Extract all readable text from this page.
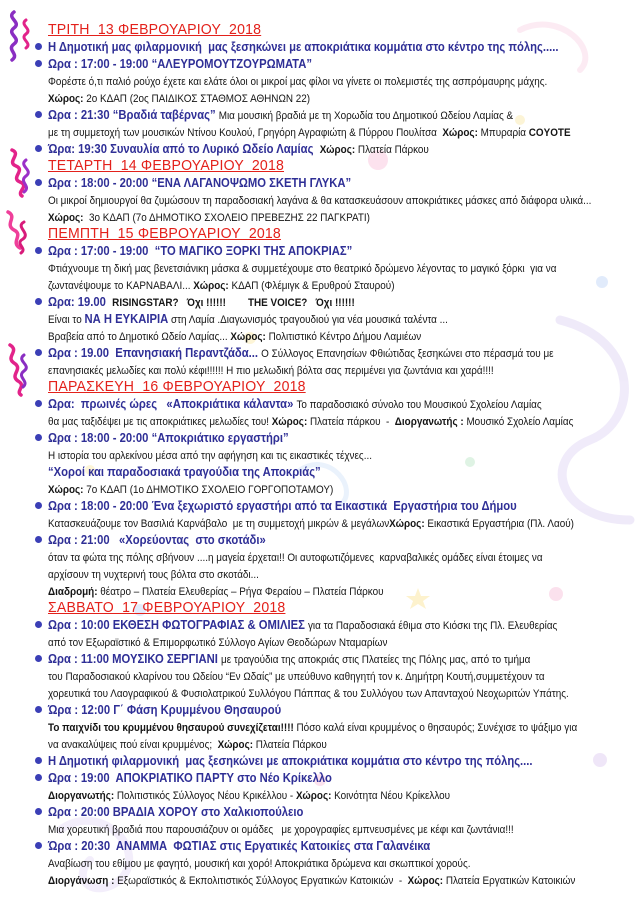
ΤΡΙΤΗ  13 ΦΕΒΡΟΥΑΡΙΟΥ  2018
Η Δημοτική μας φιλαρμονική  μας ξεσηκώνει με αποκριάτικα κομμάτια στο κέντρο της πόλης.....
Ωρα : 17:00 - 19:00 “ΑΛΕΥΡΟΜΟΥΤΖΟΥΡΩΜΑΤΑ”
Φορέστε ό,τι παλιό ρούχο έχετε και ελάτε όλοι οι μικροί μας φίλοι να γίνετε οι πολεμιστές της ασπρόμαυρης μάχης.
Χώρος: 2ο ΚΔΑΠ (2ος ΠΑΙΔΙΚΟΣ ΣΤΑΘΜΟΣ ΑΘΗΝΩΝ 22)
Ωρα : 21:30 “Βραδιά ταβέρνας” Μια μουσική βραδιά με τη Χορωδία του Δημοτικού Ωδείου Λαμίας &
με τη συμμετοχή των μουσικών Ντίνου Κουλού, Γρηγόρη Αγραφιώτη & Πύρρου Πουλίτσα  Χώρος: Μπυραρία COYOTE
Ώρα: 19:30 Συναυλία από το Λυρικό Ωδείο Λαμίας  Χώρος: Πλατεία Πάρκου
ΤΕΤΑΡΤΗ  14 ΦΕΒΡΟΥΑΡΙΟΥ  2018
Ωρα : 18:00 - 20:00 “ΕΝΑ ΛΑΓΑΝΟΨΩΜΟ ΣΚΕΤΗ ΓΛΥΚΑ”
Οι μικροί δημιουργοί θα ζυμώσουν τη παραδοσιακή λαγάνα & θα κατασκευάσουν αποκριάτικες μάσκες από διάφορα υλικά...
Χώρος:  3ο ΚΔΑΠ (7ο ΔΗΜΟΤΙΚΟ ΣΧΟΛΕΙΟ ΠΡΕΒΕΖΗΣ 22 ΠΑΓΚΡΑΤΙ)
ΠΕΜΠΤΗ  15 ΦΕΒΡΟΥΑΡΙΟΥ  2018
Ωρα : 17:00 - 19:00  “ΤΟ ΜΑΓΙΚΟ ΞΟΡΚΙ ΤΗΣ ΑΠΟΚΡΙΑΣ”
Φτιάχνουμε τη δική μας βενετσιάνικη μάσκα & συμμετέχουμε στο θεατρικό δρώμενο λέγοντας το μαγικό ξόρκι  για να
ζωντανέψουμε το ΚΑΡΝΑΒΑΛΙ... Χώρος: ΚΔΑΠ (Φλέμιγκ & Ερυθρού Σταυρού)
Ωρα: 19.00  RISINGSTAR?   Όχι !!!!!!        THE VOICE?   Όχι !!!!!!
Είναι το ΝΑ Η ΕΥΚΑΙΡΙΑ στη Λαμία .Διαγωνισμός τραγουδιού για νέα μουσικά ταλέντα ...
Βραβεία από το Δημοτικό Ωδείο Λαμίας... Χώρος: Πολιτιστικό Κέντρο Δήμου Λαμιέων
Ωρα : 19.00  Επανησιακή Περαντζάδα... Ο Σύλλογος Επανησίων Φθιώτιδας ξεσηκώνει στο πέρασμά του με
επανησιακές μελωδίες και πολύ κέφι!!!!!! Η πιο μελωδική βόλτα σας περιμένει για ζωντάνια και χαρά!!!!
ΠΑΡΑΣΚΕΥΗ  16 ΦΕΒΡΟΥΑΡΙΟΥ  2018
Ωρα:  πρωινές ώρες   «Αποκριάτικα κάλαντα» Το παραδοσιακό σύνολο του Μουσικού Σχολείου Λαμίας
θα μας ταξιδέψει με τις αποκριάτικες μελωδίες του! Χώρος: Πλατεία πάρκου  -  Διοργανωτής : Μουσικό Σχολείο Λαμίας
Ωρα : 18:00 - 20:00 “Αποκριάτικο εργαστήρι”
Η ιστορία του αρλεκίνου μέσα από την αφήγηση και τις εικαστικές τέχνες...
“Χοροί και παραδοσιακά τραγούδια της Αποκριάς”
Χώρος: 7ο ΚΔΑΠ (1ο ΔΗΜΟΤΙΚΟ ΣΧΟΛΕΙΟ ΓΟΡΓΟΠΟΤΑΜΟΥ)
Ωρα : 18:00 - 20:00 Ένα ξεχωριστό εργαστήρι από τα Εικαστικά  Εργαστήρια του Δήμου
Κατασκευάζουμε τον Βασιλιά Καρνάβαλο  με τη συμμετοχή μικρών & μεγάλωνΧώρος: Εικαστικά Εργαστήρια (Πλ. Λαού)
Ωρα : 21:00   «Χορεύοντας  στο σκοτάδι»
όταν τα φώτα της πόλης σβήνουν ....η μαγεία έρχεται!! Οι αυτοφωτιζόμενες  καρναβαλικές ομάδες είναι έτοιμες να
αρχίσουν τη νυχτερινή τους βόλτα στο σκοτάδι...
Διαδρομή: θέατρο – Πλατεία Ελευθερίας – Ρήγα Φεραίου – Πλατεία Πάρκου
ΣΑΒΒΑΤΟ  17 ΦΕΒΡΟΥΑΡΙΟΥ  2018
Ωρα : 10:00 ΕΚΘΕΣΗ ΦΩΤΟΓΡΑΦΙΑΣ & ΟΜΙΛΙΕΣ για τα Παραδοσιακά έθιμα στο Κιόσκι της Πλ. Ελευθερίας
από τον Εξωραϊστικό & Επιμορφωτικό Σύλλογο Αγίων Θεοδώρων Νταμαρίων
Ωρα : 11:00 ΜΟΥΣΙΚΟ ΣΕΡΓΙΑΝΙ με τραγούδια της αποκριάς στις Πλατείες της Πόλης μας, από το τμήμα
του Παραδοσιακού κλαρίνου του Ωδείου “Εν Ωδαίς” με υπεύθυνο καθηγητή τον κ. Δημήτρη Κουτή,συμμετέχουν τα
χορευτικά του Λαογραφικού & Φυσιολατρικού Συλλόγου Πάππας & του Συλλόγου των Απανταχού Νεοχωριτών Υπάτης.
Ώρα : 12:00 Γ΄ Φάση Κρυμμένου Θησαυρού
Το παιχνίδι του κρυμμένου θησαυρού συνεχίζεται!!!! Πόσο καλά είναι κρυμμένος ο θησαυρός; Συνέχισε το ψάξιμο για
να ανακαλύψεις πού είναι κρυμμένος;  Χώρος: Πλατεία Πάρκου
Η Δημοτική φιλαρμονική  μας ξεσηκώνει με αποκριάτικα κομμάτια στο κέντρο της πόλης....
Ωρα : 19:00  ΑΠΟΚΡΙΑΤΙΚΟ ΠΑΡΤΥ στο Νέο Κρίκελλο
Διοργανωτής: Πολιτιστικός Σύλλογος Νέου Κρικέλλου - Χώρος: Κοινότητα Νέου Κρίκελλου
Ωρα : 20:00 ΒΡΑΔΙΑ ΧΟΡΟΥ στο Χαλκιοπούλειο
Μια χορευτική βραδιά που παρουσιάζουν οι ομάδες   με χορογραφίες εμπνευσμένες με κέφι και ζωντάνια!!!
Ώρα : 20:30  ΑΝΑΜΜΑ  ΦΩΤΙΑΣ στις Εργατικές Κατοικίες στα Γαλανέικα
Αναβίωση του εθίμου με φαγητό, μουσική και χορό! Αποκριάτικα δρώμενα και σκωπτικοί χορούς.
Διοργάνωση : Εξωραϊστικός & Εκπολιτιστικός Σύλλογος Εργατικών Κατοικιών  -  Χώρος: Πλατεία Εργατικών Κατοικιών
